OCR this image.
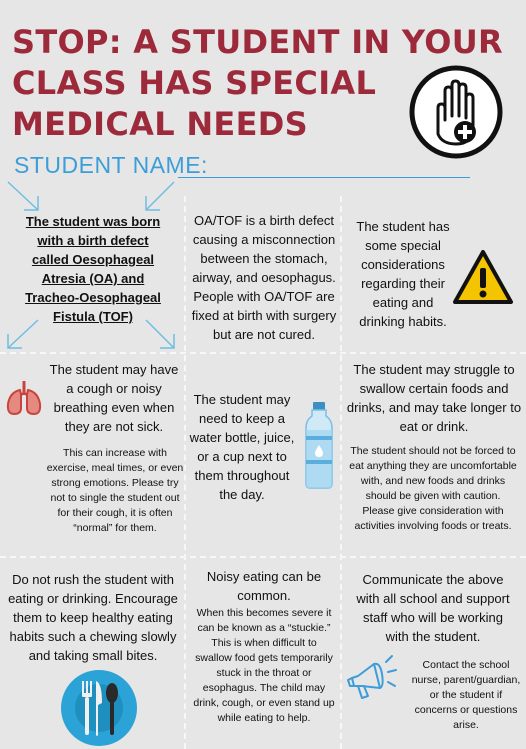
STOP: A STUDENT IN YOUR
CLASS HAS SPECIAL
MEDICAL NEEDS
STUDENT NAME:
The student was born
with a birth defect
called Oesophageal
Atresia (OA) and
Tracheo-Oesophageal
Fistula (TOF)
OA/TOF is a birth defect
causing a misconnection
between the stomach,
airway, and oesophagus.
People with OA/TOF are
fixed at birth with surgery
but are not cured.
The student has
some special
considerations
regarding their
eating and
drinking habits.
The student may have
a cough or noisy
breathing even when
they are not sick.
This can increase with
exercise, meal times, or even
strong emotions. Please try
not to single the student out
for their cough, it is often
“normal” for them.
The student may
need to keep a
water bottle, juice,
or a cup next to
them throughout
the day.
The student may struggle to
swallow certain foods and
drinks, and may take longer to
eat or drink.
The student should not be forced to
eat anything they are uncomfortable
with, and new foods and drinks
should be given with caution.
Please give consideration with
activities involving foods or treats.
Do not rush the student with
eating or drinking. Encourage
them to keep healthy eating
habits such a chewing slowly
and taking small bites.
Noisy eating can be
common.
When this becomes severe it
can be known as a “stuckie.”
This is when difficult to
swallow food gets temporarily
stuck in the throat or
esophagus. The child may
drink, cough, or even stand up
while eating to help.
Communicate the above
with all school and support
staff who will be working
with the student.
Contact the school
nurse, parent/guardian,
or the student if
concerns or questions
arise.
